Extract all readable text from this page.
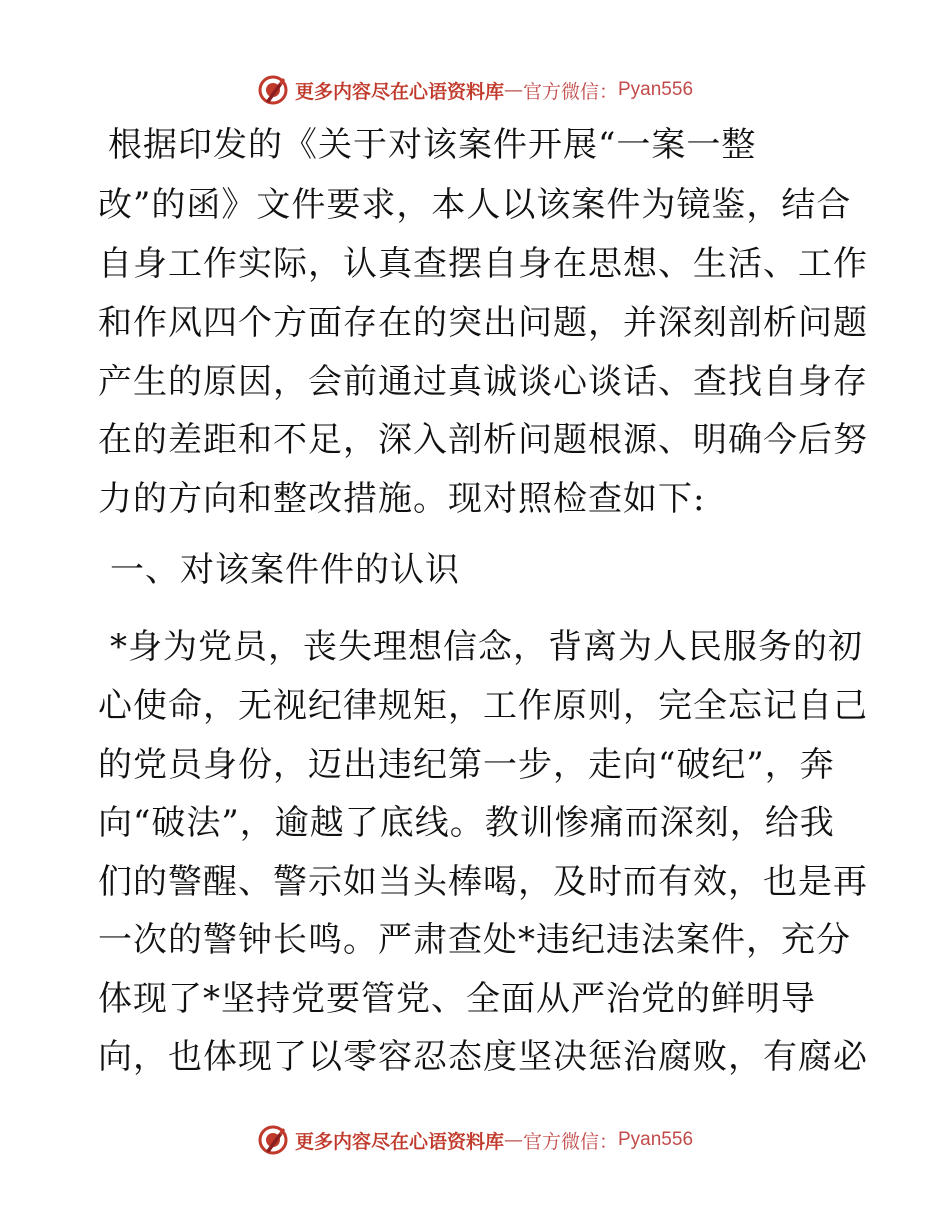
更多内容尽在心语资料库 — 官方微信： Pyan556
根据印发的《关于对该案件开展“一案一整
改”的函》文件要求，本人以该案件为镜鉴，结合
自身工作实际，认真查摆自身在思想、生活、工作
和作风四个方面存在的突出问题，并深刻剖析问题
产生的原因，会前通过真诚谈心谈话、查找自身存
在的差距和不足，深入剖析问题根源、明确今后努
力的方向和整改措施。现对照检查如下:
一、对该案件件的认识
*身为党员，丧失理想信念，背离为人民服务的初
心使命，无视纪律规矩，工作原则，完全忘记自己
的党员身份，迈出违纪第一步，走向“破纪”，奔
向“破法”，逾越了底线。教训惨痛而深刻，给我
们的警醒、警示如当头棒喝，及时而有效，也是再
一次的警钟长鸣。严肃查处*违纪违法案件，充分
体现了*坚持党要管党、全面从严治党的鲜明导
向，也体现了以零容忍态度坚决惩治腐败，有腐必
更多内容尽在心语资料库 — 官方微信： Pyan556
